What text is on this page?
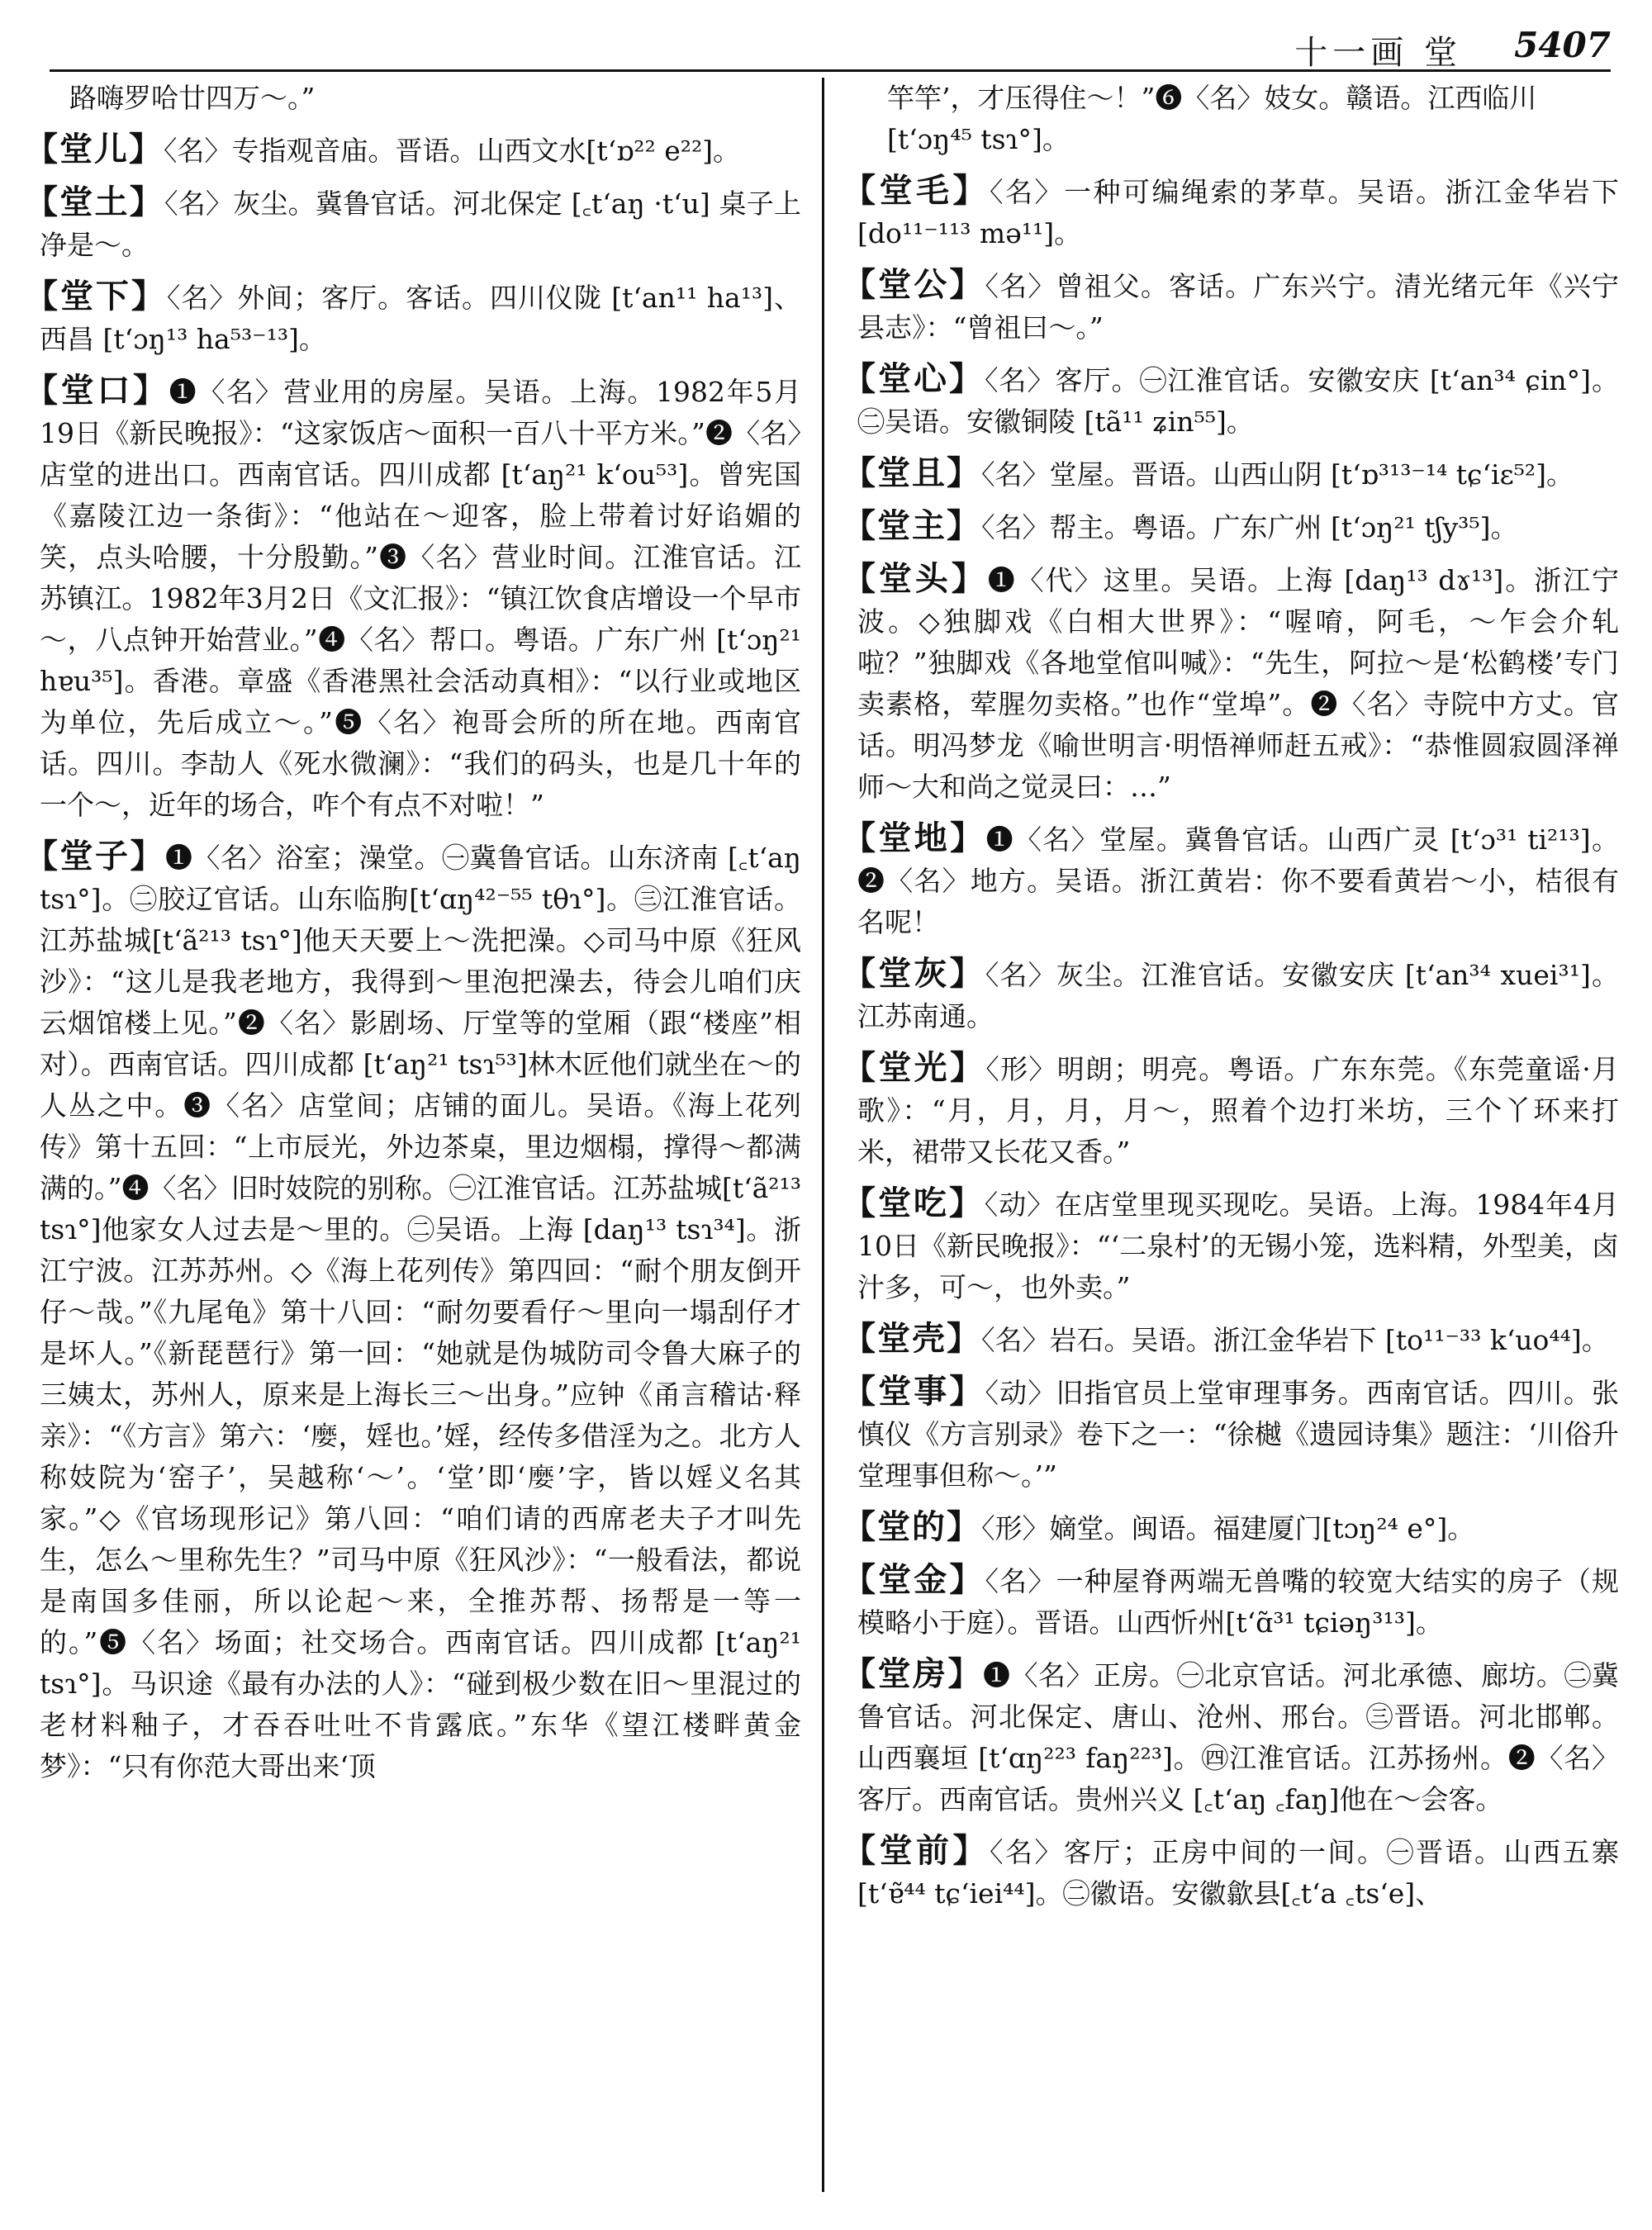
十一画 堂 5407

路嗨罗哈廿四万～。”

【堂儿】〈名〉专指观音庙。晋语。山西文水[tʻɒ²² e²²]。

【堂土】〈名〉灰尘。冀鲁官话。河北保定 [꜀tʻaŋ ·tʻu] 桌子上净是～。

【堂下】〈名〉外间；客厅。客话。四川仪陇 [tʻan¹¹ ha¹³]、西昌 [tʻɔŋ¹³ ha⁵³⁻¹³]。

【堂口】❶〈名〉营业用的房屋。吴语。上海。1982年5月19日《新民晚报》：“这家饭店～面积一百八十平方米。”❷〈名〉店堂的进出口。西南官话。四川成都 [tʻaŋ²¹ kʻou⁵³]。曾宪国《嘉陵江边一条街》：“他站在～迎客，脸上带着讨好谄媚的笑，点头哈腰，十分殷勤。”❸〈名〉营业时间。江淮官话。江苏镇江。1982年3月2日《文汇报》：“镇江饮食店增设一个早市～，八点钟开始营业。”❹〈名〉帮口。粤语。广东广州 [tʻɔŋ²¹ hɐu³⁵]。香港。章盛《香港黑社会活动真相》：“以行业或地区为单位，先后成立～。”❺〈名〉袍哥会所的所在地。西南官话。四川。李劼人《死水微澜》：“我们的码头，也是几十年的一个～，近年的场合，咋个有点不对啦！”

【堂子】❶〈名〉浴室；澡堂。㊀冀鲁官话。山东济南 [꜀tʻaŋ tsɿ°]。㊁胶辽官话。山东临朐[tʻɑŋ⁴²⁻⁵⁵ tθɿ°]。㊂江淮官话。江苏盐城[tʻã²¹³ tsɿ°]他天天要上～洗把澡。◇司马中原《狂风沙》：“这儿是我老地方，我得到～里泡把澡去，待会儿咱们庆云烟馆楼上见。”❷〈名〉影剧场、厅堂等的堂厢（跟“楼座”相对）。西南官话。四川成都 [tʻaŋ²¹ tsɿ⁵³]林木匠他们就坐在～的人丛之中。❸〈名〉店堂间；店铺的面儿。吴语。《海上花列传》第十五回：“上市辰光，外边茶桌，里边烟榻，撑得～都满满的。”❹〈名〉旧时妓院的别称。㊀江淮官话。江苏盐城[tʻã²¹³ tsɿ°]他家女人过去是～里的。㊁吴语。上海 [daŋ¹³ tsɿ³⁴]。浙江宁波。江苏苏州。◇《海上花列传》第四回：“耐个朋友倒开仔～哉。”《九尾龟》第十八回：“耐勿要看仔～里向一塌刮仔才是坏人。”《新琵琶行》第一回：“她就是伪城防司令鲁大麻子的三姨太，苏州人，原来是上海长三～出身。”应钟《甬言稽诂·释亲》：“《方言》第六：‘𡡉，婬也。’婬，经传多借淫为之。北方人称妓院为‘窑子’，吴越称‘～’。‘堂’即‘𡡉’字，皆以婬义名其家。”◇《官场现形记》第八回：“咱们请的西席老夫子才叫先生，怎么～里称先生？”司马中原《狂风沙》：“一般看法，都说是南国多佳丽，所以论起～来，全推苏帮、扬帮是一等一的。”❺〈名〉场面；社交场合。西南官话。四川成都 [tʻaŋ²¹ tsɿ°]。马识途《最有办法的人》：“碰到极少数在旧～里混过的老材料釉子，才吞吞吐吐不肯露底。”东华《望江楼畔黄金梦》：“只有你范大哥出来‘顶

竿竿’，才压得住～！”❻〈名〉妓女。赣语。江西临川 [tʻɔŋ⁴⁵ tsɿ°]。

【堂毛】〈名〉一种可编绳索的茅草。吴语。浙江金华岩下 [do¹¹⁻¹¹³ mə¹¹]。

【堂公】〈名〉曾祖父。客话。广东兴宁。清光绪元年《兴宁县志》：“曾祖曰～。”

【堂心】〈名〉客厅。㊀江淮官话。安徽安庆 [tʻan³⁴ ɕin°]。㊁吴语。安徽铜陵 [tã¹¹ ʑin⁵⁵]。

【堂且】〈名〉堂屋。晋语。山西山阴 [tʻɒ³¹³⁻¹⁴ tɕʻiɛ⁵²]。

【堂主】〈名〉帮主。粤语。广东广州 [tʻɔŋ²¹ tʃy³⁵]。

【堂头】❶〈代〉这里。吴语。上海 [daŋ¹³ dɤ¹³]。浙江宁波。◇独脚戏《白相大世界》：“喔唷，阿毛，～乍会介轧啦？”独脚戏《各地堂倌叫喊》：“先生，阿拉～是‘松鹤楼’专门卖素格，荤腥勿卖格。”也作“堂埠”。❷〈名〉寺院中方丈。官话。明冯梦龙《喻世明言·明悟禅师赶五戒》：“恭惟圆寂圆泽禅师～大和尚之觉灵曰：…”

【堂地】❶〈名〉堂屋。冀鲁官话。山西广灵 [tʻɔ³¹ ti²¹³]。❷〈名〉地方。吴语。浙江黄岩：你不要看黄岩～小，桔很有名呢！

【堂灰】〈名〉灰尘。江淮官话。安徽安庆 [tʻan³⁴ xuei³¹]。江苏南通。

【堂光】〈形〉明朗；明亮。粤语。广东东莞。《东莞童谣·月歌》：“月，月，月，月～，照着个边打米坊，三个丫环来打米，裙带又长花又香。”

【堂吃】〈动〉在店堂里现买现吃。吴语。上海。1984年4月10日《新民晚报》：“‘二泉村’的无锡小笼，选料精，外型美，卤汁多，可～，也外卖。”

【堂壳】〈名〉岩石。吴语。浙江金华岩下 [to¹¹⁻³³ kʻuo⁴⁴]。

【堂事】〈动〉旧指官员上堂审理事务。西南官话。四川。张慎仪《方言别录》卷下之一：“徐樾《遗园诗集》题注：‘川俗升堂理事但称～。’”

【堂的】〈形〉嫡堂。闽语。福建厦门[tɔŋ²⁴ e°]。

【堂金】〈名〉一种屋脊两端无兽嘴的较宽大结实的房子（规模略小于庭）。晋语。山西忻州[tʻɑ̃³¹ tɕiəŋ³¹³]。

【堂房】❶〈名〉正房。㊀北京官话。河北承德、廊坊。㊁冀鲁官话。河北保定、唐山、沧州、邢台。㊂晋语。河北邯郸。山西襄垣 [tʻɑŋ²²³ faŋ²²³]。㊃江淮官话。江苏扬州。❷〈名〉客厅。西南官话。贵州兴义 [꜀tʻaŋ ꜀faŋ]他在～会客。

【堂前】〈名〉客厅；正房中间的一间。㊀晋语。山西五寨 [tʻɐ̃⁴⁴ tɕʻiei⁴⁴]。㊁徽语。安徽歙县[꜀tʻa ꜀tsʻe]、
